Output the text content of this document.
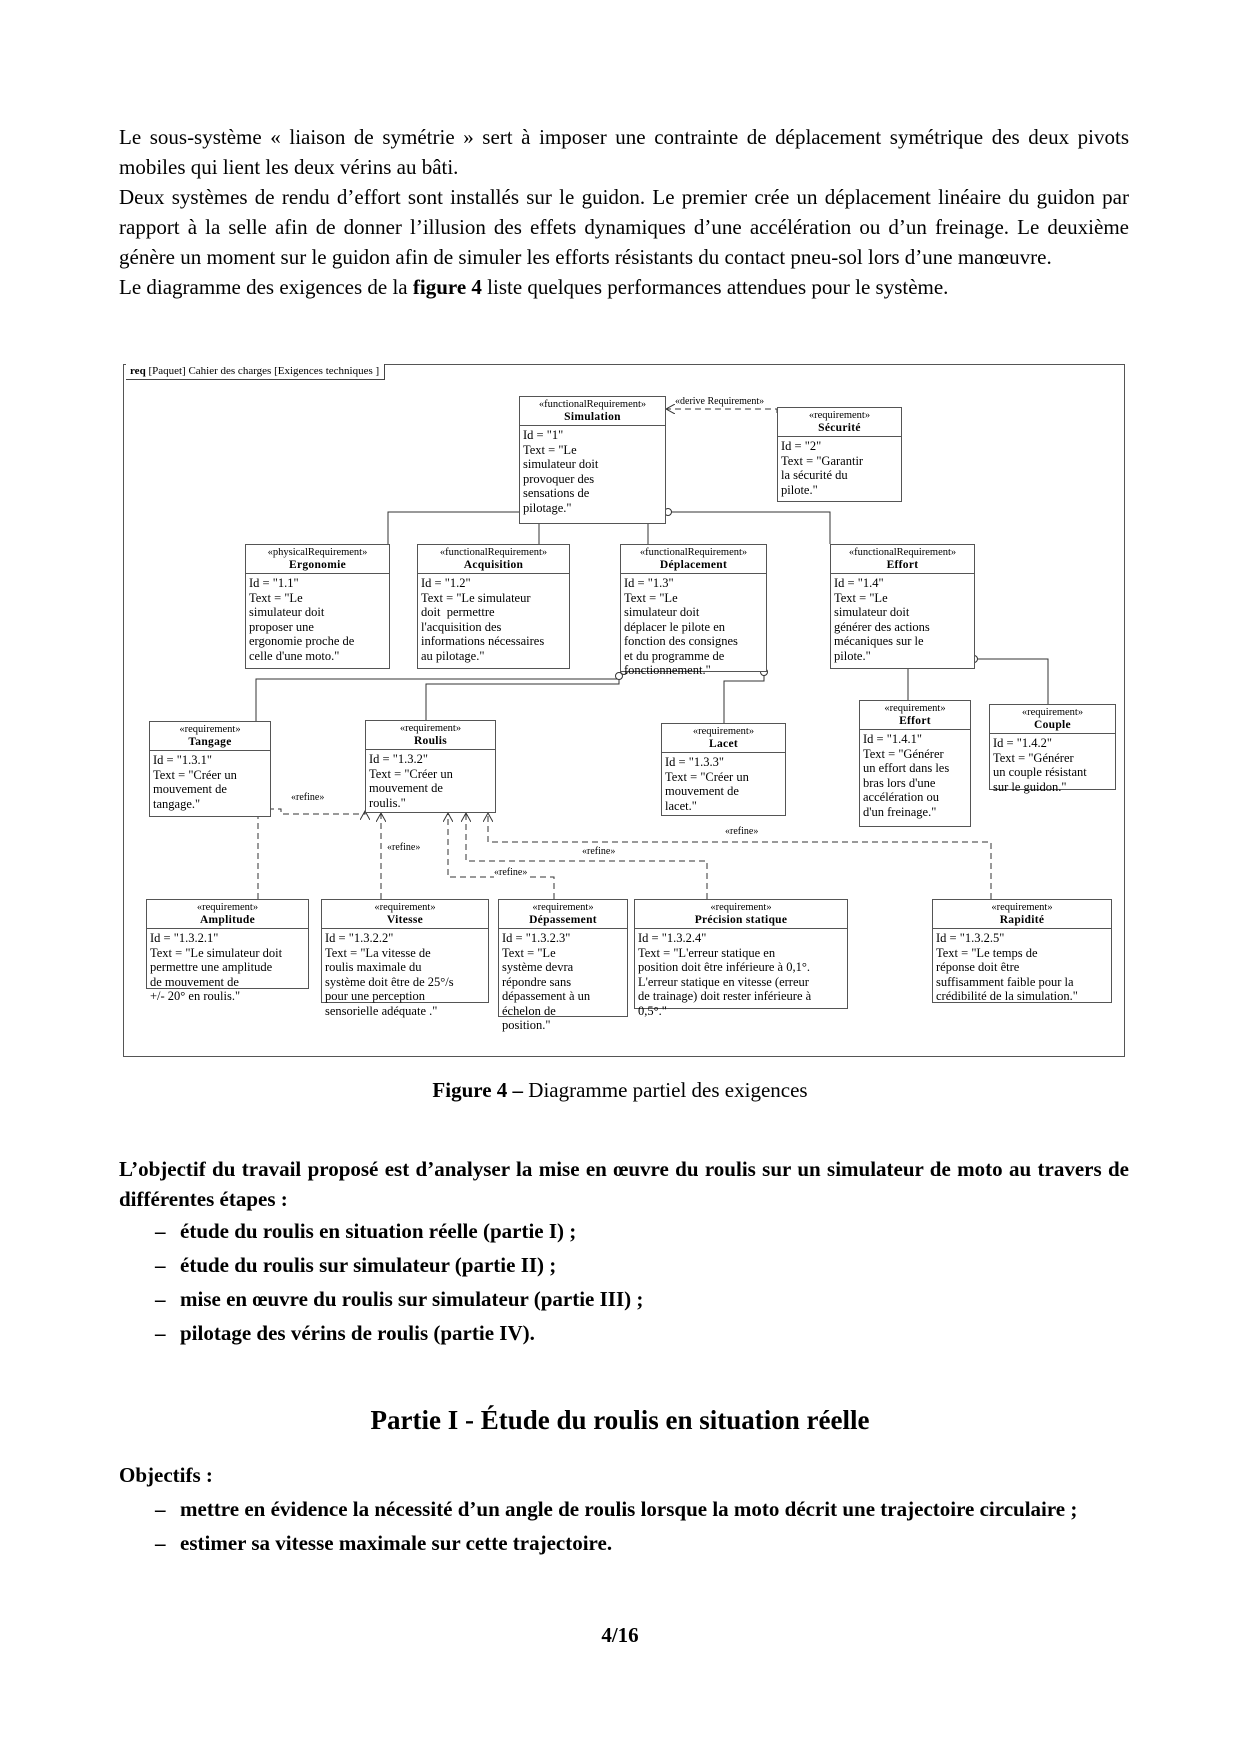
Le sous-système « liaison de symétrie » sert à imposer une contrainte de déplacement symétrique des deux pivots mobiles qui lient les deux vérins au bâti.

Deux systèmes de rendu d’effort sont installés sur le guidon. Le premier crée un déplacement linéaire du guidon par rapport à la selle afin de donner l’illusion des effets dynamiques d’une accélération ou d’un freinage. Le deuxième génère un moment sur le guidon afin de simuler les efforts résistants du contact pneu-sol lors d’une manœuvre.

Le diagramme des exigences de la figure 4 liste quelques performances attendues pour le système.

req [Paquet] Cahier des charges [Exigences techniques ]
«derive Requirement»
«refine»
«refine»
«refine»
«refine»
«refine»
«functionalRequirement»
Simulation
Id = "1"
Text = "Le
simulateur doit
provoquer des
sensations de
pilotage."
«requirement»
Sécurité
Id = "2"
Text = "Garantir
la sécurité du
pilote."
«physicalRequirement»
Ergonomie
Id = "1.1"
Text = "Le
simulateur doit
proposer une
ergonomie proche de
celle d'une moto."
«functionalRequirement»
Acquisition
Id = "1.2"
Text = "Le simulateur
doit  permettre
l'acquisition des
informations nécessaires
au pilotage."
«functionalRequirement»
Déplacement
Id = "1.3"
Text = "Le
simulateur doit
déplacer le pilote en
fonction des consignes
et du programme de
fonctionnement."
«functionalRequirement»
Effort
Id = "1.4"
Text = "Le
simulateur doit
générer des actions
mécaniques sur le
pilote."
«requirement»
Tangage
Id = "1.3.1"
Text = "Créer un
mouvement de
tangage."
«requirement»
Roulis
Id = "1.3.2"
Text = "Créer un
mouvement de
roulis."
«requirement»
Lacet
Id = "1.3.3"
Text = "Créer un
mouvement de
lacet."
«requirement»
Effort
Id = "1.4.1"
Text = "Générer
un effort dans les
bras lors d'une
accélération ou
d'un freinage."
«requirement»
Couple
Id = "1.4.2"
Text = "Générer
un couple résistant
sur le guidon."
«requirement»
Amplitude
Id = "1.3.2.1"
Text = "Le simulateur doit
permettre une amplitude
de mouvement de
+/- 20° en roulis."
«requirement»
Vitesse
Id = "1.3.2.2"
Text = "La vitesse de
roulis maximale du
système doit être de 25°/s
pour une perception
sensorielle adéquate ."
«requirement»
Dépassement
Id = "1.3.2.3"
Text = "Le
système devra
répondre sans
dépassement à un
échelon de
position."
«requirement»
Précision statique
Id = "1.3.2.4"
Text = "L'erreur statique en
position doit être inférieure à 0,1°.
L'erreur statique en vitesse (erreur
de trainage) doit rester inférieure à
0,5°."
«requirement»
Rapidité
Id = "1.3.2.5"
Text = "Le temps de
réponse doit être
suffisamment faible pour la
crédibilité de la simulation."
Figure 4 – Diagramme partiel des exigences
L’objectif du travail proposé est d’analyser la mise en œuvre du roulis sur un simulateur de moto au travers de différentes étapes :
– étude du roulis en situation réelle (partie I) ;
– étude du roulis sur simulateur (partie II) ;
– mise en œuvre du roulis sur simulateur (partie III) ;
– pilotage des vérins de roulis (partie IV).
Partie I - Étude du roulis en situation réelle
Objectifs :
– mettre en évidence la nécessité d’un angle de roulis lorsque la moto décrit une trajectoire circulaire ;
– estimer sa vitesse maximale sur cette trajectoire.
4/16
